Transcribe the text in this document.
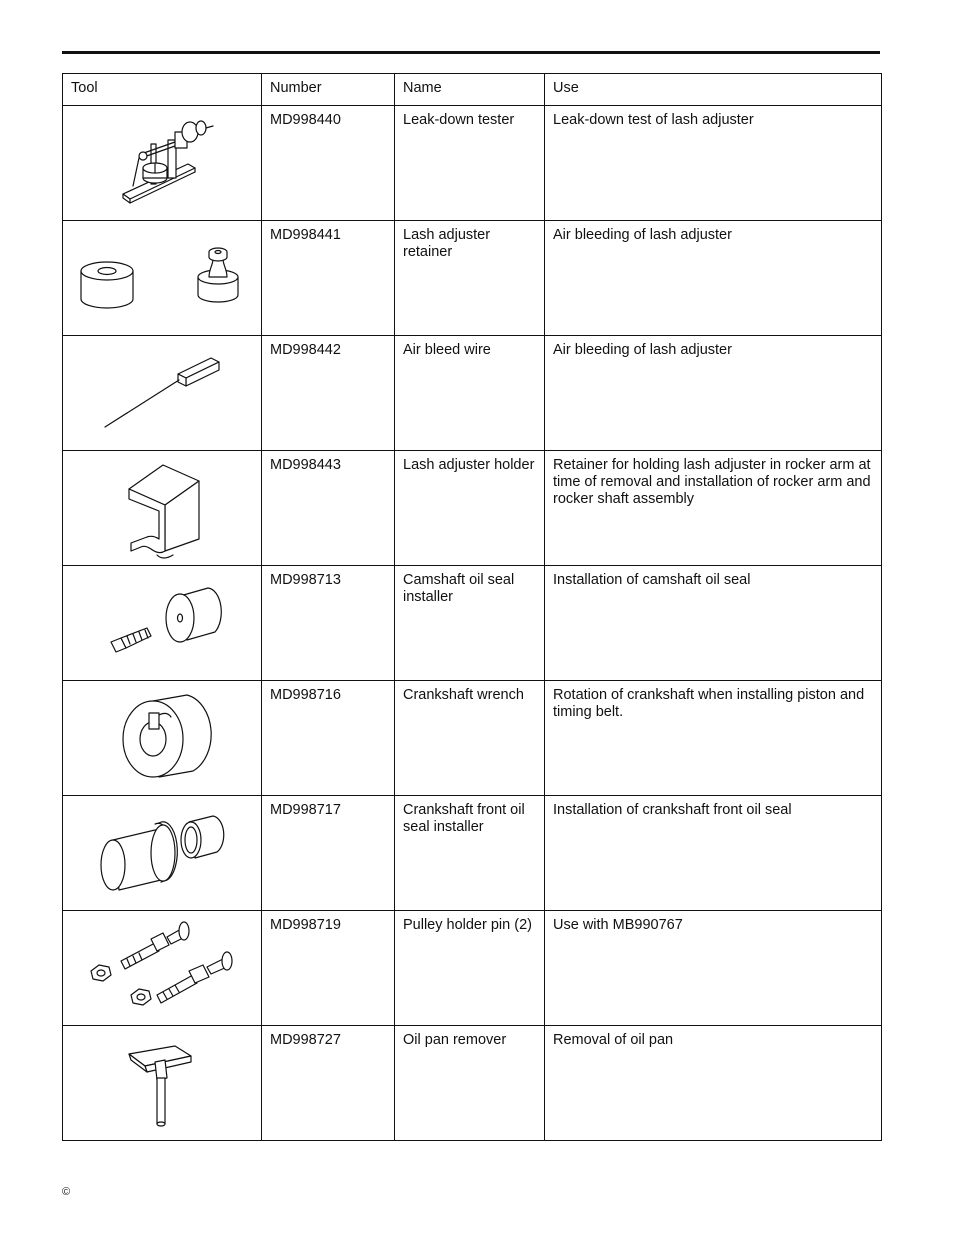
Tool	Number	Name	Use

	MD998440	Leak-down tester	Leak-down test of lash adjuster

	MD998441	Lash adjuster retainer	Air bleeding of lash adjuster

	MD998442	Air bleed wire	Air bleeding of lash adjuster

	MD998443	Lash adjuster holder	Retainer for holding lash adjuster in rocker arm at time of removal and installation of rocker arm and rocker shaft assembly

	MD998713	Camshaft oil seal installer	Installation of camshaft oil seal

	MD998716	Crankshaft wrench	Rotation of crankshaft when installing piston and timing belt.

	MD998717	Crankshaft front oil seal installer	Installation of crankshaft front oil seal

	MD998719	Pulley holder pin (2)	Use with MB990767

	MD998727	Oil pan remover	Removal of oil pan
©
